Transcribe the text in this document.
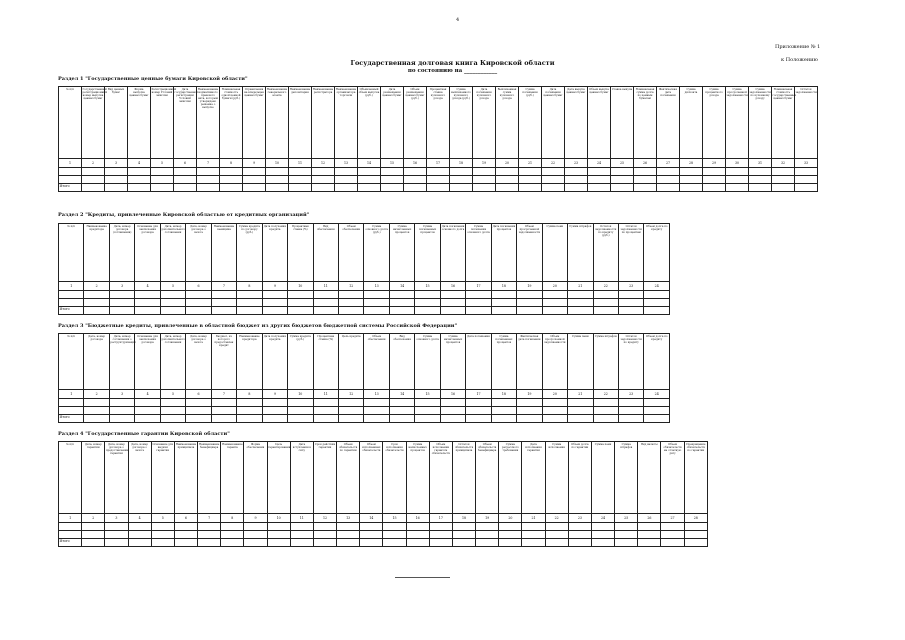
4
Приложение № 1
к Положению
Государственная долговая книга Кировской области
по состоянию на ____________
Раздел 1 "Государственные ценные бумаги Кировской области"
№ п/п	Государственный регистрационный номер выпуска ценных бумаг	Вид ценных бумаг	Форма выпуска ценных бумаг	Регистрационный номер Условий эмиссии	Дата государственной регистрации Условий эмиссии	Наименование нормативного правового акта, которым утверждено решение о выпуске	Номинальная стоимость одной ценной бумаги (руб.)	Ограничения на владельцев ценных бумаг	Наименование генерального агента	Наименование депозитария	Наименование регистратора	Наименование организатора торговли	Объявленный объем выпуска (руб.)	Дата размещения ценных бумаг	Объем размещения ценных бумаг (руб.)	Процентная ставка купонного дохода	Сумма выплаченного купонного дохода (руб.)	Дата погашения купонного дохода	Выплаченная сумма купонного дохода	Сумма погашения (руб.)	Дата погашения ценных бумаг	Дата выкупа ценных бумаг	Объем выкупа ценных бумаг	Ставка выкупа	Номинальная сумма долга по ценным бумагам	Фактическая дата погашения	Сумма дисконта	Сумма процентного дохода	Сумма просроченной задолженности	Сумма задолженности по купонному доходу	Номинальная стоимость государственных ценных бумаг	Остаток задолженности
1	2	3	4	5	6	7	8	9	10	11	12	13	14	15	16	17	18	19	20	21	22	23	24	25	26	27	28	29	30	31	32	33

Итого																																
Раздел 2 "Кредиты, привлеченные Кировской областью от кредитных организаций"
№ п/п	Наименование кредитора	Дата, номер договора (соглашения)	Основание для заключения договора	Дата, номер дополнительного соглашения	Дата, номер договора о залоге	Наименование заемщика	Сумма кредита по договору (руб.)	Дата получения кредита	Процентная ставка (%)	Вид обеспечения	Объем обеспечения	Сумма основного долга (руб.)	Сумма начисленных процентов	Сумма погашенных процентов	Дата погашения основного долга	Сумма погашения основного долга	Дата погашения процентов	Объем просроченной задолженности	Сумма пени	Сумма штрафов	Остаток задолженности по кредиту (руб.)	Остаток задолженности по процентам	Объем долга по кредиту
1	2	3	4	5	6	7	8	9	10	11	12	13	14	15	16	17	18	19	20	21	22	23	24

Итого																							
Раздел 3 "Бюджетные кредиты, привлеченные в областной бюджет из других бюджетов бюджетной системы Российской Федерации"
№ п/п	Дата, номер договора	Дата, номер соглашения о реструктуризации	Основание для заключения договора	Дата, номер дополнительного соглашения	Дата, номер договора о залоге	Бюджет, из которого предоставлен кредит	Наименование кредитора	Дата получения кредита	Сумма кредита (руб.)	Процентная ставка (%)	Цель кредита	Объем обеспечения	Вид обеспечения	Сумма основного долга	Сумма начисленных процентов	Дата погашения	Сумма погашенных процентов	Фактическая дата погашения	Объем просроченной задолженности	Сумма пени	Сумма штрафов	Остаток задолженности по кредиту	Объем долга по кредиту
1	2	3	4	5	6	7	8	9	10	11	12	13	14	15	16	17	18	19	20	21	22	23	24

Итого																							
Раздел 4 "Государственные гарантии Кировской области"
№ п/п	Дата, номер гарантии	Дата, номер договора о предоставлении гарантии	Дата, номер договора о залоге	Основание для выдачи гарантии	Наименование принципала	Наименование бенефициара	Наименование гаранта	Форма обеспечения	Цель гарантирования	Дата вступления в силу	Срок действия гарантии	Объем обязательств по гарантии	Объем исполненных обязательств	Срок исполнения обязательств	Сумма начисленных процентов	Объем исполнения гарантом обязательств	Остаток обязательств принципала	Объем обязательств бенефициара	Сумма регрессного требования	Дата исполнения гарантии	Сумма исполнения	Объем долга по гарантии	Сумма пени	Сумма штрафов	Вид валюты	Объем обязательств на отчетную дату	Прекращение обязательств по гарантии
1	2	3	4	5	6	7	8	9	10	11	12	13	14	15	16	17	18	19	20	21	22	23	24	25	26	27	28

Итого																											
